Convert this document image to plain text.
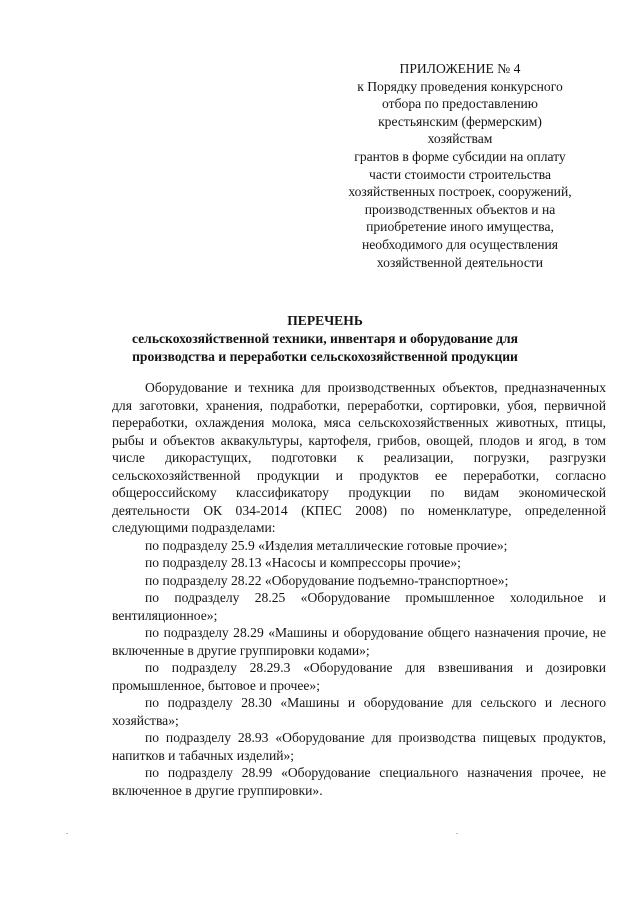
ПРИЛОЖЕНИЕ № 4
к Порядку проведения конкурсного
отбора по предоставлению
крестьянским (фермерским)
хозяйствам
грантов в форме субсидии на оплату
части стоимости строительства
хозяйственных построек, сооружений,
производственных объектов и на
приобретение иного имущества,
необходимого для осуществления
хозяйственной деятельности
ПЕРЕЧЕНЬ
сельскохозяйственной техники, инвентаря и оборудование для
производства и переработки сельскохозяйственной продукции

Оборудование и техника для производственных объектов, предназначенных для заготовки, хранения, подработки, переработки, сортировки, убоя, первичной переработки, охлаждения молока, мяса сельскохозяйственных животных, птицы, рыбы и объектов аквакультуры, картофеля, грибов, овощей, плодов и ягод, в том числе дикорастущих, подготовки к реализации, погрузки, разгрузки сельскохозяйственной продукции и продуктов ее переработки, согласно общероссийскому классификатору продукции по видам экономической деятельности ОК 034-2014 (КПЕС 2008) по номенклатуре, определенной следующими подразделами:

по подразделу 25.9 «Изделия металлические готовые прочие»;

по подразделу 28.13 «Насосы и компрессоры прочие»;

по подразделу 28.22 «Оборудование подъемно-транспортное»;

по подразделу 28.25 «Оборудование промышленное холодильное и вентиляционное»;

по подразделу 28.29 «Машины и оборудование общего назначения прочие, не включенные в другие группировки кодами»;

по подразделу 28.29.3 «Оборудование для взвешивания и дозировки промышленное, бытовое и прочее»;

по подразделу 28.30 «Машины и оборудование для сельского и лесного хозяйства»;

по подразделу 28.93 «Оборудование для производства пищевых продуктов, напитков и табачных изделий»;

по подразделу 28.99 «Оборудование специального назначения прочее, не включенное в другие группировки».
